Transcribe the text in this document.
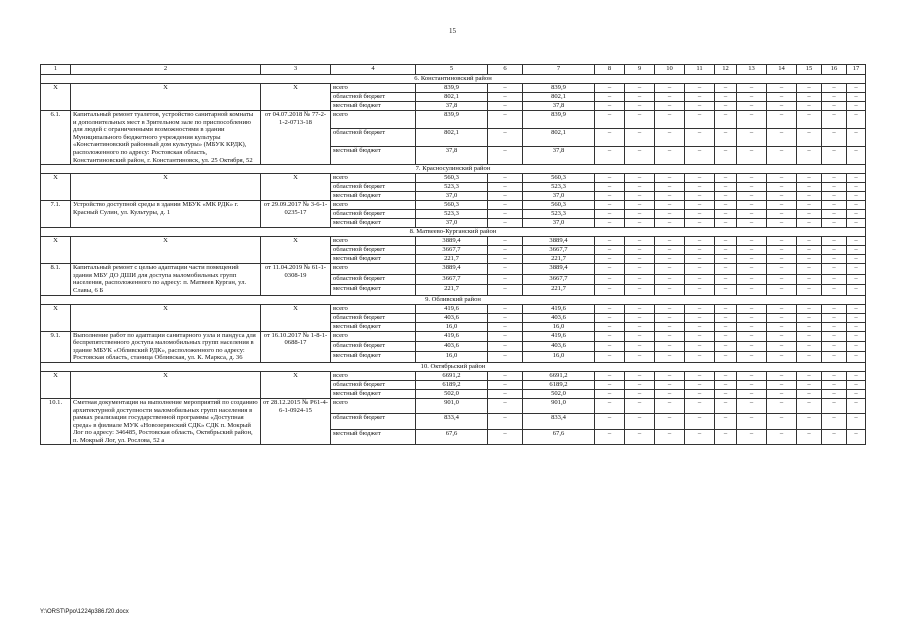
15
1	2	3	4	5	6	7	8	9	10	11	12	13	14	15	16	17
6. Константиновский район																
Х	Х	Х	всего	839,9	–	839,9	–	–	–	–	–	–	–	–	–	–
			областной бюджет	802,1	–	802,1	–	–	–	–	–	–	–	–	–	–
			местный бюджет	37,8	–	37,8	–	–	–	–	–	–	–	–	–	–
6.1.	Капитальный ремонт туалетов, устройство санитарной комнаты и дополнительных мест в Зрительном зале по приспособлению для людей с ограниченными возможностями в здании Муниципального бюджетного учреждения культуры «Константиновский районный дом культуры» (МБУК КРДК), расположенного по адресу: Ростовская область, Константиновский район, г. Константиновск, ул. 25 Октября, 52	от 04.07.2018 № 77-2-1-2-0713-18	всего	839,9	–	839,9	–	–	–	–	–	–	–	–	–	–
			областной бюджет	802,1	–	802,1	–	–	–	–	–	–	–	–	–	–
			местный бюджет	37,8	–	37,8	–	–	–	–	–	–	–	–	–	–
7. Красносулинский район																
Х	Х	Х	всего	560,3	–	560,3	–	–	–	–	–	–	–	–	–	–
			областной бюджет	523,3	–	523,3	–	–	–	–	–	–	–	–	–	–
			местный бюджет	37,0	–	37,0	–	–	–	–	–	–	–	–	–	–
7.1.	Устройство доступной среды в здании МБУК «МК РДК» г. Красный Сулин, ул. Культуры, д. 1	от 29.09.2017 № 3-6-1-0235-17	всего	560,3	–	560,3	–	–	–	–	–	–	–	–	–	–
			областной бюджет	523,3	–	523,3	–	–	–	–	–	–	–	–	–	–
			местный бюджет	37,0	–	37,0	–	–	–	–	–	–	–	–	–	–
8. Матвеево-Курганский район																
Х	Х	Х	всего	3889,4	–	3889,4	–	–	–	–	–	–	–	–	–	–
			областной бюджет	3667,7	–	3667,7	–	–	–	–	–	–	–	–	–	–
			местный бюджет	221,7	–	221,7	–	–	–	–	–	–	–	–	–	–
8.1.	Капитальный ремонт с целью адаптации части помещений здания МБУ ДО ДШИ для доступа маломобильных групп населения, расположенного по адресу: п. Матвеев Курган, ул. Славы, 6 Б	от 11.04.2019 № 61-1-0308-19	всего	3889,4	–	3889,4	–	–	–	–	–	–	–	–	–	–
			областной бюджет	3667,7	–	3667,7	–	–	–	–	–	–	–	–	–	–
			местный бюджет	221,7	–	221,7	–	–	–	–	–	–	–	–	–	–
9. Обливский район																
Х	Х	Х	всего	419,6	–	419,6	–	–	–	–	–	–	–	–	–	–
			областной бюджет	403,6	–	403,6	–	–	–	–	–	–	–	–	–	–
			местный бюджет	16,0	–	16,0	–	–	–	–	–	–	–	–	–	–
9.1.	Выполнение работ по адаптации санитарного узла и пандуса для беспрепятственного доступа маломобильных групп населения в здание МБУК «Обливский РДК», расположенного по адресу: Ростовская область, станица Обливская, ул. К. Маркса, д. 36	от 16.10.2017 № 1-8-1-0688-17	всего	419,6	–	419,6	–	–	–	–	–	–	–	–	–	–
			областной бюджет	403,6	–	403,6	–	–	–	–	–	–	–	–	–	–
			местный бюджет	16,0	–	16,0	–	–	–	–	–	–	–	–	–	–
10. Октябрьский район																
Х	Х	Х	всего	6691,2	–	6691,2	–	–	–	–	–	–	–	–	–	–
			областной бюджет	6189,2	–	6189,2	–	–	–	–	–	–	–	–	–	–
			местный бюджет	502,0	–	502,0	–	–	–	–	–	–	–	–	–	–
10.1.	Сметная документация на выполнение мероприятий по созданию архитектурной доступности маломобильных групп населения в рамках реализации государственной программы «Доступная среда» в филиале МУК «Новозерянский СДК» СДК п. Мокрый Лог по адресу: 346485, Ростовская область, Октябрьский район, п. Мокрый Лог, ул. Рослова, 52 а	от 28.12.2015 № Р61-4-6-1-0924-15	всего	901,0	–	901,0	–	–	–	–	–	–	–	–	–	–
			областной бюджет	833,4	–	833,4	–	–	–	–	–	–	–	–	–	–
			местный бюджет	67,6	–	67,6	–	–	–	–	–	–	–	–	–	–
Y:\ORST\Ppo\1224p386.f20.docx
